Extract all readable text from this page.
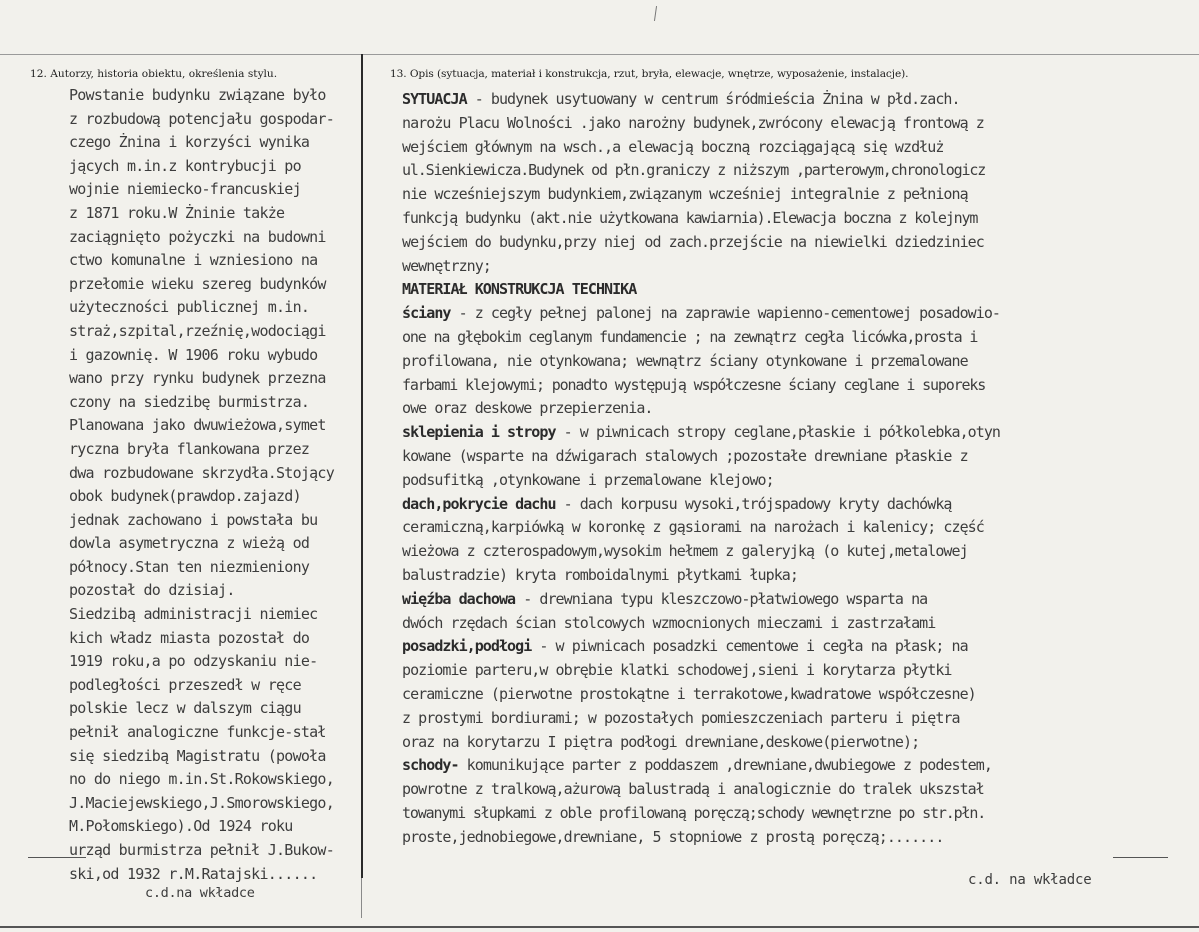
12. Autorzy, historia obiektu, określenia stylu.	13. Opis (sytuacja, materiał i konstrukcja, rzut, bryła, elewacje, wnętrze, wyposażenie, instalacje).
Powstanie budynku związane było
z rozbudową potencjału gospodar-
czego Żnina i korzyści wynika
jących m.in.z kontrybucji po
wojnie niemiecko-francuskiej
z 1871 roku.W Żninie także
zaciągnięto pożyczki na budowni
ctwo komunalne i wzniesiono na
przełomie wieku szereg budynków
użyteczności publicznej m.in.
straż,szpital,rzeźnię,wodociągi
i gazownię. W 1906 roku wybudo
wano przy rynku budynek przezna
czony na siedzibę burmistrza.
Planowana jako dwuwieżowa,symet
ryczna bryła flankowana przez
dwa rozbudowane skrzydła.Stojący
obok budynek(prawdop.zajazd)
jednak zachowano i powstała bu
dowla asymetryczna z wieżą od
północy.Stan ten niezmieniony
pozostał do dzisiaj.
Siedzibą administracji niemiec
kich władz miasta pozostał do
1919 roku,a po odzyskaniu nie-
podległości przeszedł w ręce
polskie lecz w dalszym ciągu
pełnił analogiczne funkcje-stał
się siedzibą Magistratu (powoła
no do niego m.in.St.Rokowskiego,
J.Maciejewskiego,J.Smorowskiego,
M.Połomskiego).Od 1924 roku
urząd burmistrza pełnił J.Bukow-
ski,od 1932 r.M.Ratajski......
c.d.na wkładce
SYTUACJA - budynek usytuowany w centrum śródmieścia Żnina w płd.zach.
narożu Placu Wolności .jako narożny budynek,zwrócony elewacją frontową z
wejściem głównym na wsch.,a elewacją boczną rozciągającą się wzdłuż
ul.Sienkiewicza.Budynek od płn.graniczy z niższym ,parterowym,chronologicz
nie wcześniejszym budynkiem,związanym wcześniej integralnie z pełnioną
funkcją budynku (akt.nie użytkowana kawiarnia).Elewacja boczna z kolejnym
wejściem do budynku,przy niej od zach.przejście na niewielki dziedziniec
wewnętrzny;
MATERIAŁ KONSTRUKCJA TECHNIKA
ściany - z cegły pełnej palonej na zaprawie wapienno-cementowej posadowio-
one na głębokim ceglanym fundamencie ; na zewnątrz cegła licówka,prosta i
profilowana, nie otynkowana; wewnątrz ściany otynkowane i przemalowane
farbami klejowymi; ponadto występują współczesne ściany ceglane i suporeks
owe oraz deskowe przepierzenia.
sklepienia i stropy - w piwnicach stropy ceglane,płaskie i półkolebka,otyn
kowane (wsparte na dźwigarach stalowych ;pozostałe drewniane płaskie z
podsufitką ,otynkowane i przemalowane klejowo;
dach,pokrycie dachu - dach korpusu wysoki,trójspadowy kryty dachówką
ceramiczną,karpiówką w koronkę z gąsiorami na narożach i kalenicy; część
wieżowa z czterospadowym,wysokim hełmem z galeryjką (o kutej,metalowej
balustradzie) kryta romboidalnymi płytkami łupka;
więźba dachowa - drewniana typu kleszczowo-płatwiowego wsparta na
dwóch rzędach ścian stolcowych wzmocnionych mieczami i zastrzałami
posadzki,podłogi - w piwnicach posadzki cementowe i cegła na płask; na
poziomie parteru,w obrębie klatki schodowej,sieni i korytarza płytki
ceramiczne (pierwotne prostokątne i terrakotowe,kwadratowe współczesne)
z prostymi bordiurami; w pozostałych pomieszczeniach parteru i piętra
oraz na korytarzu I piętra podłogi drewniane,deskowe(pierwotne);
schody- komunikujące parter z poddaszem ,drewniane,dwubiegowe z podestem,
powrotne z tralkową,ażurową balustradą i analogicznie do tralek ukszstał
towanymi słupkami z oble profilowaną poręczą;schody wewnętrzne po str.płn.
proste,jednobiegowe,drewniane, 5 stopniowe z prostą poręczą;.......
c.d. na wkładce
